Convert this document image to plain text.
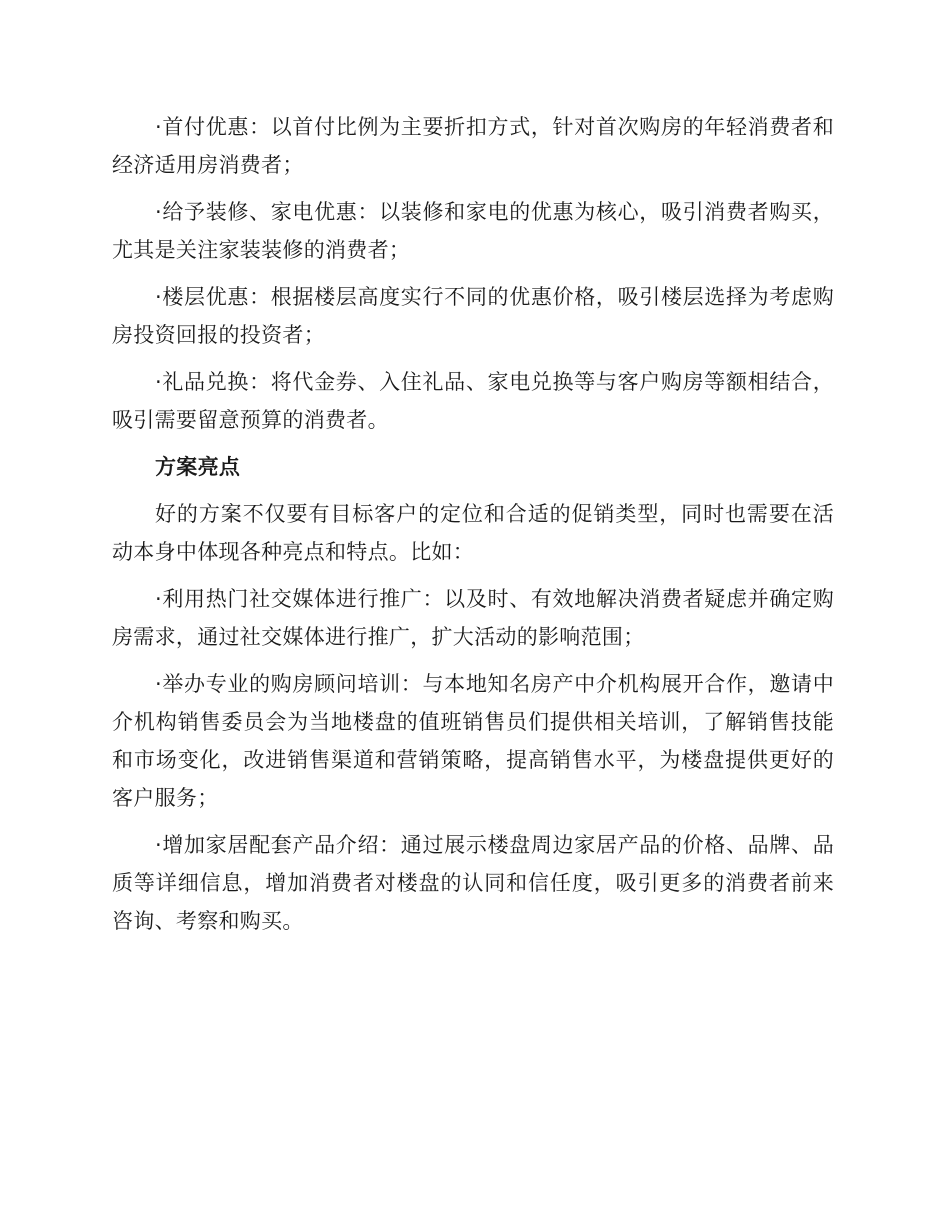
·首付优惠：以首付比例为主要折扣方式，针对首次购房的年轻消费者和经济适用房消费者；

·给予装修、家电优惠：以装修和家电的优惠为核心，吸引消费者购买，尤其是关注家装装修的消费者；

·楼层优惠：根据楼层高度实行不同的优惠价格，吸引楼层选择为考虑购房投资回报的投资者；

·礼品兑换：将代金券、入住礼品、家电兑换等与客户购房等额相结合，吸引需要留意预算的消费者。

方案亮点

好的方案不仅要有目标客户的定位和合适的促销类型，同时也需要在活动本身中体现各种亮点和特点。比如：

·利用热门社交媒体进行推广：以及时、有效地解决消费者疑虑并确定购房需求，通过社交媒体进行推广，扩大活动的影响范围；

·举办专业的购房顾问培训：与本地知名房产中介机构展开合作，邀请中介机构销售委员会为当地楼盘的值班销售员们提供相关培训，了解销售技能和市场变化，改进销售渠道和营销策略，提高销售水平，为楼盘提供更好的客户服务；

·增加家居配套产品介绍：通过展示楼盘周边家居产品的价格、品牌、品质等详细信息，增加消费者对楼盘的认同和信任度，吸引更多的消费者前来咨询、考察和购买。
